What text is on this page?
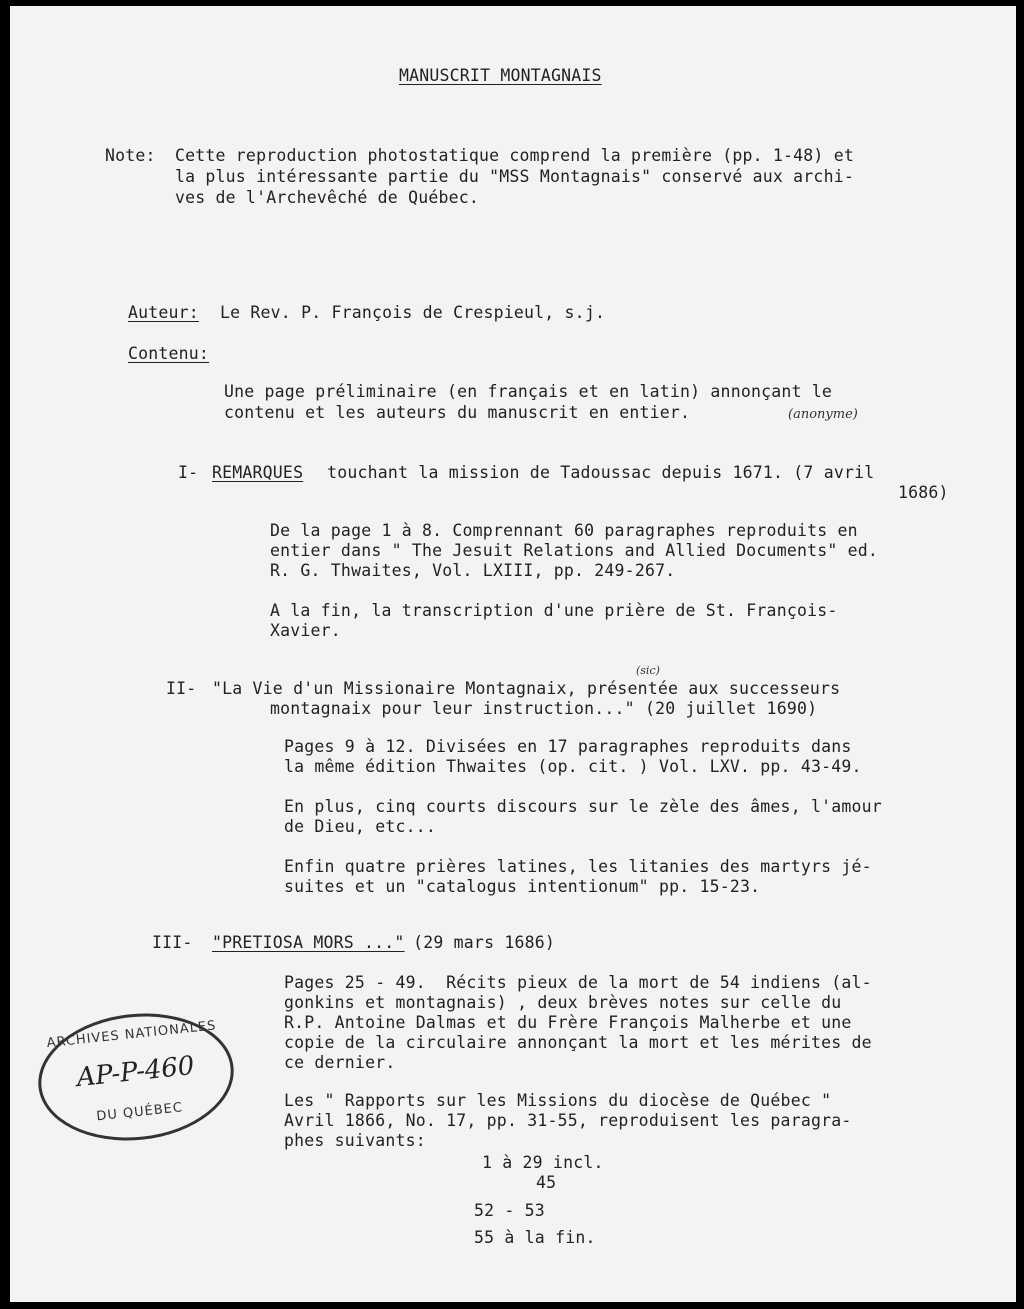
MANUSCRIT MONTAGNAIS
Note: Cette reproduction photostatique comprend la première (pp. 1-48) et
la plus intéressante partie du "MSS Montagnais" conservé aux archi-
ves de l'Archevêché de Québec.
Auteur: Le Rev. P. François de Crespieul, s.j.
Contenu:
Une page préliminaire (en français et en latin) annonçant le
contenu et les auteurs du manuscrit en entier.	(anonyme)
I- REMARQUES touchant la mission de Tadoussac depuis 1671. (7 avril
1686)
De la page 1 à 8. Comprennant 60 paragraphes reproduits en
entier dans " The Jesuit Relations and Allied Documents" ed.
R. G. Thwaites, Vol. LXIII, pp. 249-267.
A la fin, la transcription d'une prière de St. François-
Xavier.
II-
(sic)
"La Vie d'un Missionaire Montagnaix, présentée aux successeurs
montagnaix pour leur instruction..." (20 juillet 1690)
Pages 9 à 12. Divisées en 17 paragraphes reproduits dans
la même édition Thwaites (op. cit. ) Vol. LXV. pp. 43-49.
En plus, cinq courts discours sur le zèle des âmes, l'amour
de Dieu, etc...
Enfin quatre prières latines, les litanies des martyrs jé-
suites et un "catalogus intentionum" pp. 15-23.
III- "PRETIOSA MORS ..."
(29 mars 1686)
Pages 25 - 49.  Récits pieux de la mort de 54 indiens (al-
gonkins et montagnais) , deux brèves notes sur celle du
R.P. Antoine Dalmas et du Frère François Malherbe et une
copie de la circulaire annonçant la mort et les mérites de
ce dernier.
Les " Rapports sur les Missions du diocèse de Québec "
Avril 1866, No. 17, pp. 31-55, reproduisent les paragra-
phes suivants:
1 à 29 incl.
45
52 - 53
55 à la fin.
ARCHIVES NATIONALES
AP-P-460
DU QUÉBEC
